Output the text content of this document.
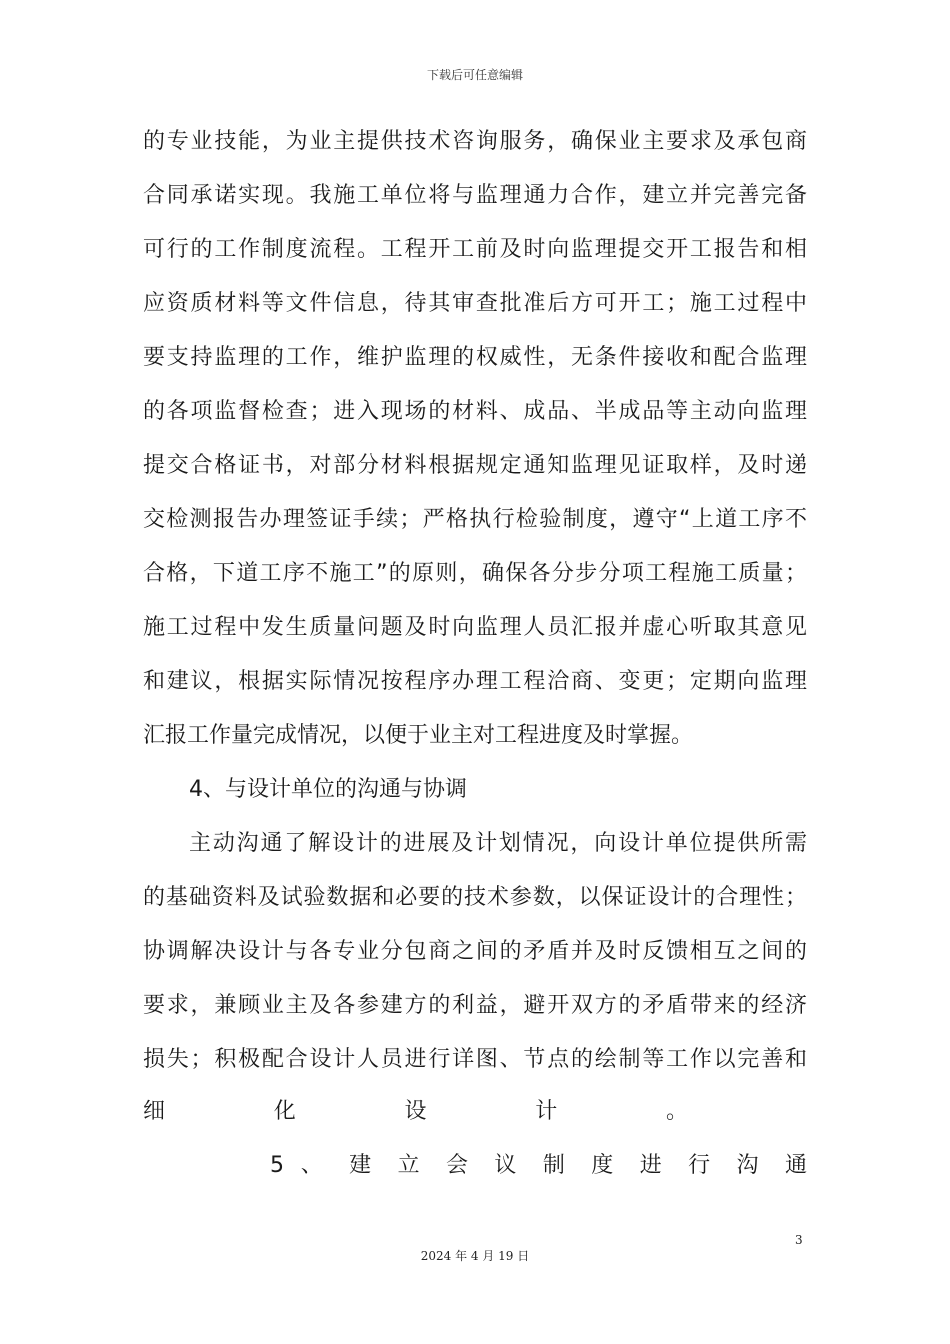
下载后可任意编辑
的专业技能，为业主提供技术咨询服务，确保业主要求及承包商
合同承诺实现。我施工单位将与监理通力合作，建立并完善完备
可行的工作制度流程。工程开工前及时向监理提交开工报告和相
应资质材料等文件信息，待其审查批准后方可开工；施工过程中
要支持监理的工作，维护监理的权威性，无条件接收和配合监理
的各项监督检查；进入现场的材料、成品、半成品等主动向监理
提交合格证书，对部分材料根据规定通知监理见证取样，及时递
交检测报告办理签证手续；严格执行检验制度，遵守“上道工序不
合格，下道工序不施工”的原则，确保各分步分项工程施工质量；
施工过程中发生质量问题及时向监理人员汇报并虚心听取其意见
和建议，根据实际情况按程序办理工程洽商、变更；定期向监理
汇报工作量完成情况，以便于业主对工程进度及时掌握。
4、与设计单位的沟通与协调
主动沟通了解设计的进展及计划情况，向设计单位提供所需
的基础资料及试验数据和必要的技术参数，以保证设计的合理性；
协调解决设计与各专业分包商之间的矛盾并及时反馈相互之间的
要求，兼顾业主及各参建方的利益，避开双方的矛盾带来的经济
损失；积极配合设计人员进行详图、节点的绘制等工作以完善和
细 化 设 计 。
5 、 建 立 会 议 制 度 进 行 沟 通
3
2024 年 4 月 19 日
